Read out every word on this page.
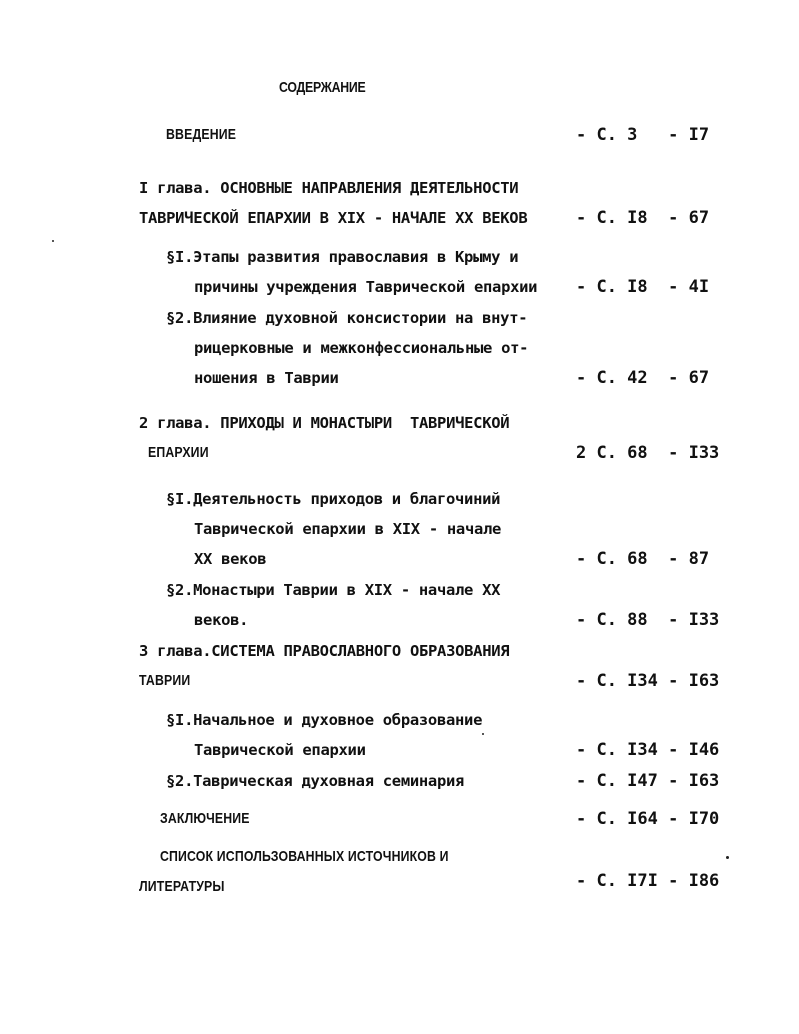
СОДЕРЖАНИЕ
ВВЕДЕНИЕ	- С. 3   - I7
I глава. ОСНОВНЫЕ НАПРАВЛЕНИЯ ДЕЯТЕЛЬНОСТИ
ТАВРИЧЕСКОЙ ЕПАРХИИ В XIX - НАЧАЛЕ XX ВЕКОВ	- С. I8  - 67
§I.Этапы развития православия в Крыму и
причины учреждения Таврической епархии - С. I8  - 4I
§2.Влияние духовной консистории на внут-
рицерковные и межконфессиональные от-
ношения в Таврии	- С. 42  - 67
2 глава. ПРИХОДЫ И МОНАСТЫРИ  ТАВРИЧЕСКОЙ
ЕПАРХИИ	2 С. 68  - I33
§I.Деятельность приходов и благочиний
Таврической епархии в XIX - начале
XX веков	- С. 68  - 87
§2.Монастыри Таврии в XIX - начале XX
веков.	- С. 88  - I33
3 глава.СИСТЕМА ПРАВОСЛАВНОГО ОБРАЗОВАНИЯ
ТАВРИИ	- С. I34 - I63
§I.Начальное и духовное образование
Таврической епархии	- С. I34 - I46
§2.Таврическая духовная семинария	- С. I47 - I63
ЗАКЛЮЧЕНИЕ	- С. I64 - I70
СПИСОК ИСПОЛЬЗОВАННЫХ ИСТОЧНИКОВ И
ЛИТЕРАТУРЫ	- С. I7I - I86
